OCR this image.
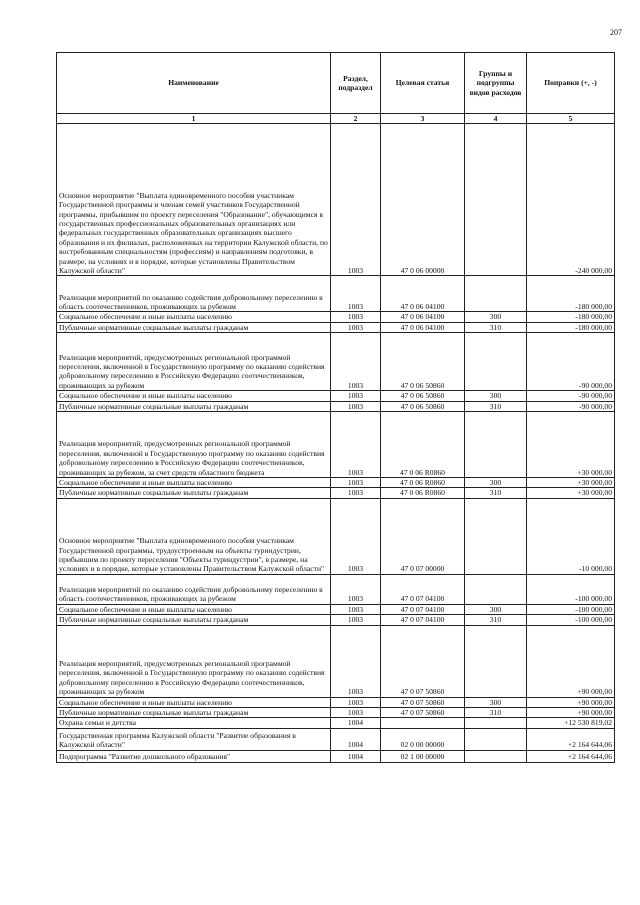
207
Наименование	Раздел, подраздел	Целевая статья	Группы и подгруппы видов расходов	Поправки (+, -)
1	2	3	4	5
Основное мероприятие "Выплата единовременного пособия участникам Государственной программы и членам семей участников Государственной программы, прибывшим по проекту переселения "Образование", обучающимся в государственных профессиональных образовательных организациях или федеральных государственных образовательных организациях высшего образования и их филиалах, расположенных на территории Калужской области, по востребованным специальностям (профессиям) и направлениям подготовки, в размере, на условиях и в порядке, которые установлены Правительством Калужской области"	1003	47 0 06 00000		-240 000,00
Реализация мероприятий по оказанию содействия добровольному переселению в область соотечественников, проживающих за рубежом	1003	47 0 06 04100		-180 000,00
Социальное обеспечение и иные выплаты населению	1003	47 0 06 04100	300	-180 000,00
Публичные нормативные социальные выплаты гражданам	1003	47 0 06 04100	310	-180 000,00
Реализация мероприятий, предусмотренных региональной программой переселения, включенной в Государственную программу по оказанию содействия добровольному переселению в Российскую Федерацию соотечественников, проживающих за рубежом	1003	47 0 06 50860		-90 000,00
Социальное обеспечение и иные выплаты населению	1003	47 0 06 50860	300	-90 000,00
Публичные нормативные социальные выплаты гражданам	1003	47 0 06 50860	310	-90 000,00
Реализация мероприятий, предусмотренных региональной программой переселения, включенной в Государственную программу по оказанию содействия добровольному переселению в Российскую Федерацию соотечественников, проживающих за рубежом, за счет средств областного бюджета	1003	47 0 06 R0860		+30 000,00
Социальное обеспечение и иные выплаты населению	1003	47 0 06 R0860	300	+30 000,00
Публичные нормативные социальные выплаты гражданам	1003	47 0 06 R0860	310	+30 000,00
Основное мероприятие "Выплата единовременного пособия участникам Государственной программы, трудоустроенным на объекты туриндустрии, прибывшим по проекту переселения "Объекты туриндустрии", в размере, на условиях и в порядке, которые установлены Правительством Калужской области"	1003	47 0 07 00000		-10 000,00
Реализация мероприятий по оказанию содействия добровольному переселению в область соотечественников, проживающих за рубежом	1003	47 0 07 04100		-100 000,00
Социальное обеспечение и иные выплаты населению	1003	47 0 07 04100	300	-100 000,00
Публичные нормативные социальные выплаты гражданам	1003	47 0 07 04100	310	-100 000,00
Реализация мероприятий, предусмотренных региональной программой переселения, включенной в Государственную программу по оказанию содействия добровольному переселению в Российскую Федерацию соотечественников, проживающих за рубежом	1003	47 0 07 50860		+90 000,00
Социальное обеспечение и иные выплаты населению	1003	47 0 07 50860	300	+90 000,00
Публичные нормативные социальные выплаты гражданам	1003	47 0 07 50860	310	+90 000,00
Охрана семьи и детства	1004			+12 530 819,02
Государственная программа Калужской области "Развитие образования в Калужской области"	1004	02 0 00 00000		+2 164 644,06
Подпрограмма "Развитие дошкольного образования"	1004	02 1 00 00000		+2 164 644,06
